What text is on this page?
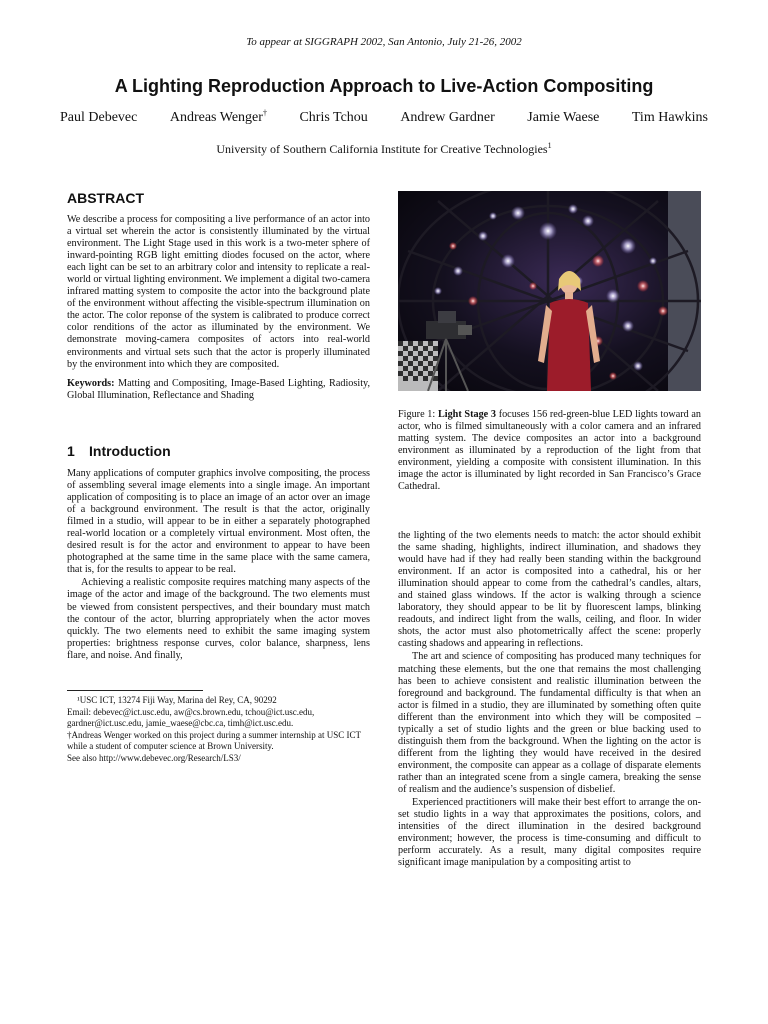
To appear at SIGGRAPH 2002, San Antonio, July 21-26, 2002
A Lighting Reproduction Approach to Live-Action Compositing
Paul Debevec Andreas Wenger† Chris Tchou Andrew Gardner Jamie Waese Tim Hawkins
University of Southern California Institute for Creative Technologies$^1$
ABSTRACT

We describe a process for compositing a live performance of an actor into a virtual set wherein the actor is consistently illuminated by the virtual environment. The Light Stage used in this work is a two-meter sphere of inward-pointing RGB light emitting diodes focused on the actor, where each light can be set to an arbitrary color and intensity to replicate a real-world or virtual lighting environment. We implement a digital two-camera infrared matting system to composite the actor into the background plate of the environment without affecting the visible-spectrum illumination on the actor. The color reponse of the system is calibrated to produce correct color renditions of the actor as illuminated by the environment. We demonstrate moving-camera composites of actors into real-world environments and virtual sets such that the actor is properly illuminated by the environment into which they are composited.

Keywords: Matting and Compositing, Image-Based Lighting, Radiosity, Global Illumination, Reflectance and Shading

1 Introduction

Many applications of computer graphics involve compositing, the process of assembling several image elements into a single image. An important application of compositing is to place an image of an actor over an image of a background environment. The result is that the actor, originally filmed in a studio, will appear to be in either a separately photographed real-world location or a completely virtual environment. Most often, the desired result is for the actor and environment to appear to have been photographed at the same time in the same place with the same camera, that is, for the results to appear to be real.

Achieving a realistic composite requires matching many aspects of the image of the actor and image of the background. The two elements must be viewed from consistent perspectives, and their boundary must match the contour of the actor, blurring appropriately when the actor moves quickly. The two elements need to exhibit the same imaging system properties: brightness response curves, color balance, sharpness, lens flare, and noise. And finally,

¹USC ICT, 13274 Fiji Way, Marina del Rey, CA, 90292

Email: debevec@ict.usc.edu, aw@cs.brown.edu, tchou@ict.usc.edu, gardner@ict.usc.edu, jamie_waese@cbc.ca, timh@ict.usc.edu.

†Andreas Wenger worked on this project during a summer internship at USC ICT while a student of computer science at Brown University.

See also http://www.debevec.org/Research/LS3/

Figure 1: Light Stage 3 focuses 156 red-green-blue LED lights toward an actor, who is filmed simultaneously with a color camera and an infrared matting system. The device composites an actor into a background environment as illuminated by a reproduction of the light from that environment, yielding a composite with consistent illumination. In this image the actor is illuminated by light recorded in San Francisco’s Grace Cathedral.

the lighting of the two elements needs to match: the actor should exhibit the same shading, highlights, indirect illumination, and shadows they would have had if they had really been standing within the background environment. If an actor is composited into a cathedral, his or her illumination should appear to come from the cathedral’s candles, altars, and stained glass windows. If the actor is walking through a science laboratory, they should appear to be lit by fluorescent lamps, blinking readouts, and indirect light from the walls, ceiling, and floor. In wider shots, the actor must also photometrically affect the scene: properly casting shadows and appearing in reflections.

The art and science of compositing has produced many techniques for matching these elements, but the one that remains the most challenging has been to achieve consistent and realistic illumination between the foreground and background. The fundamental difficulty is that when an actor is filmed in a studio, they are illuminated by something often quite different than the environment into which they will be composited – typically a set of studio lights and the green or blue backing used to distinguish them from the background. When the lighting on the actor is different from the lighting they would have received in the desired environment, the composite can appear as a collage of disparate elements rather than an integrated scene from a single camera, breaking the sense of realism and the audience’s suspension of disbelief.

Experienced practitioners will make their best effort to arrange the on-set studio lights in a way that approximates the positions, colors, and intensities of the direct illumination in the desired background environment; however, the process is time-consuming and difficult to perform accurately. As a result, many digital composites require significant image manipulation by a compositing artist to
